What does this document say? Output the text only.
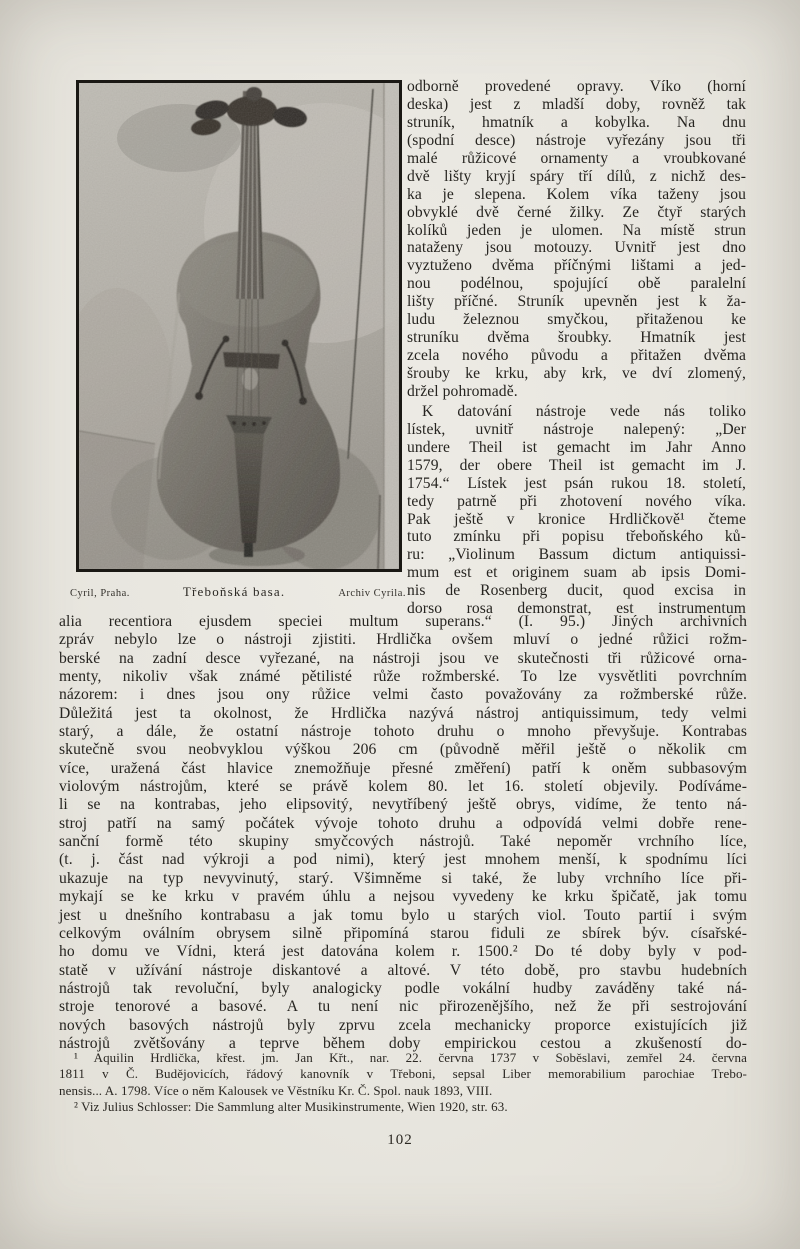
Cyril, Praha.	Třeboňská basa.	Archiv Cyrila.
odborně provedené opravy. Víko (horní
deska) jest z mladší doby, rovněž tak
struník, hmatník a kobylka. Na dnu
(spodní desce) nástroje vyřezány jsou tři
malé růžicové ornamenty a vroubkované
dvě lišty kryjí spáry tří dílů, z nichž des-
ka je slepena. Kolem víka taženy jsou
obvyklé dvě černé žilky. Ze čtyř starých
kolíků jeden je ulomen. Na místě strun
nataženy jsou motouzy. Uvnitř jest dno
vyztuženo dvěma příčnými lištami a jed-
nou podélnou, spojující obě paralelní
lišty příčné. Struník upevněn jest k ža-
ludu železnou smyčkou, přitaženou ke
struníku dvěma šroubky. Hmatník jest
zcela nového původu a přitažen dvěma
šrouby ke krku, aby krk, ve dví zlomený,
držel pohromadě.
K datování nástroje vede nás toliko
lístek, uvnitř nástroje nalepený: „Der
undere Theil ist gemacht im Jahr Anno
1579, der obere Theil ist gemacht im J.
1754.“ Lístek jest psán rukou 18. století,
tedy patrně při zhotovení nového víka.
Pak ještě v kronice Hrdličkově¹ čteme
tuto zmínku při popisu třeboňského ků-
ru: „Violinum Bassum dictum antiquissi-
mum est et originem suam ab ipsis Domi-
nis de Rosenberg ducit, quod excisa in
dorso rosa demonstrat, est instrumentum
alia recentiora ejusdem speciei multum superans.“ (I. 95.) Jiných archivních
zpráv nebylo lze o nástroji zjistiti. Hrdlička ovšem mluví o jedné růžici rožm-
berské na zadní desce vyřezané, na nástroji jsou ve skutečnosti tři růžicové orna-
menty, nikoliv však známé pětilisté růže rožmberské. To lze vysvětliti povrchním
názorem: i dnes jsou ony růžice velmi často považovány za rožmberské růže.
Důležitá jest ta okolnost, že Hrdlička nazývá nástroj antiquissimum, tedy velmi
starý, a dále, že ostatní nástroje tohoto druhu o mnoho převyšuje. Kontrabas
skutečně svou neobvyklou výškou 206 cm (původně měřil ještě o několik cm
více, uražená část hlavice znemožňuje přesné změření) patří k oněm subbasovým
violovým nástrojům, které se právě kolem 80. let 16. století objevily. Podíváme-
li se na kontrabas, jeho elipsovitý, nevytříbený ještě obrys, vidíme, že tento ná-
stroj patří na samý počátek vývoje tohoto druhu a odpovídá velmi dobře rene-
sanční formě této skupiny smyčcových nástrojů. Také nepoměr vrchního líce,
(t. j. část nad výkroji a pod nimi), který jest mnohem menší, k spodnímu líci
ukazuje na typ nevyvinutý, starý. Všimněme si také, že luby vrchního líce při-
mykají se ke krku v pravém úhlu a nejsou vyvedeny ke krku špičatě, jak tomu
jest u dnešního kontrabasu a jak tomu bylo u starých viol. Touto partií i svým
celkovým oválním obrysem silně připomíná starou fiduli ze sbírek býv. císařské-
ho domu ve Vídni, která jest datována kolem r. 1500.² Do té doby byly v pod-
statě v užívání nástroje diskantové a altové. V této době, pro stavbu hudebních
nástrojů tak revoluční, byly analogicky podle vokální hudby zaváděny také ná-
stroje tenorové a basové. A tu není nic přirozenějšího, než že při sestrojování
nových basových nástrojů byly zprvu zcela mechanicky proporce existujících již
nástrojů zvětšovány a teprve během doby empirickou cestou a zkušeností do-
¹ Aquilin Hrdlička, křest. jm. Jan Křt., nar. 22. června 1737 v Soběslavi, zemřel 24. června
1811 v Č. Budějovicích, řádový kanovník v Třeboni, sepsal Liber memorabilium parochiae Trebo-
nensis... A. 1798. Více o něm Kalousek ve Věstníku Kr. Č. Spol. nauk 1893, VIII.
² Viz Julius Schlosser: Die Sammlung alter Musikinstrumente, Wien 1920, str. 63.
102
